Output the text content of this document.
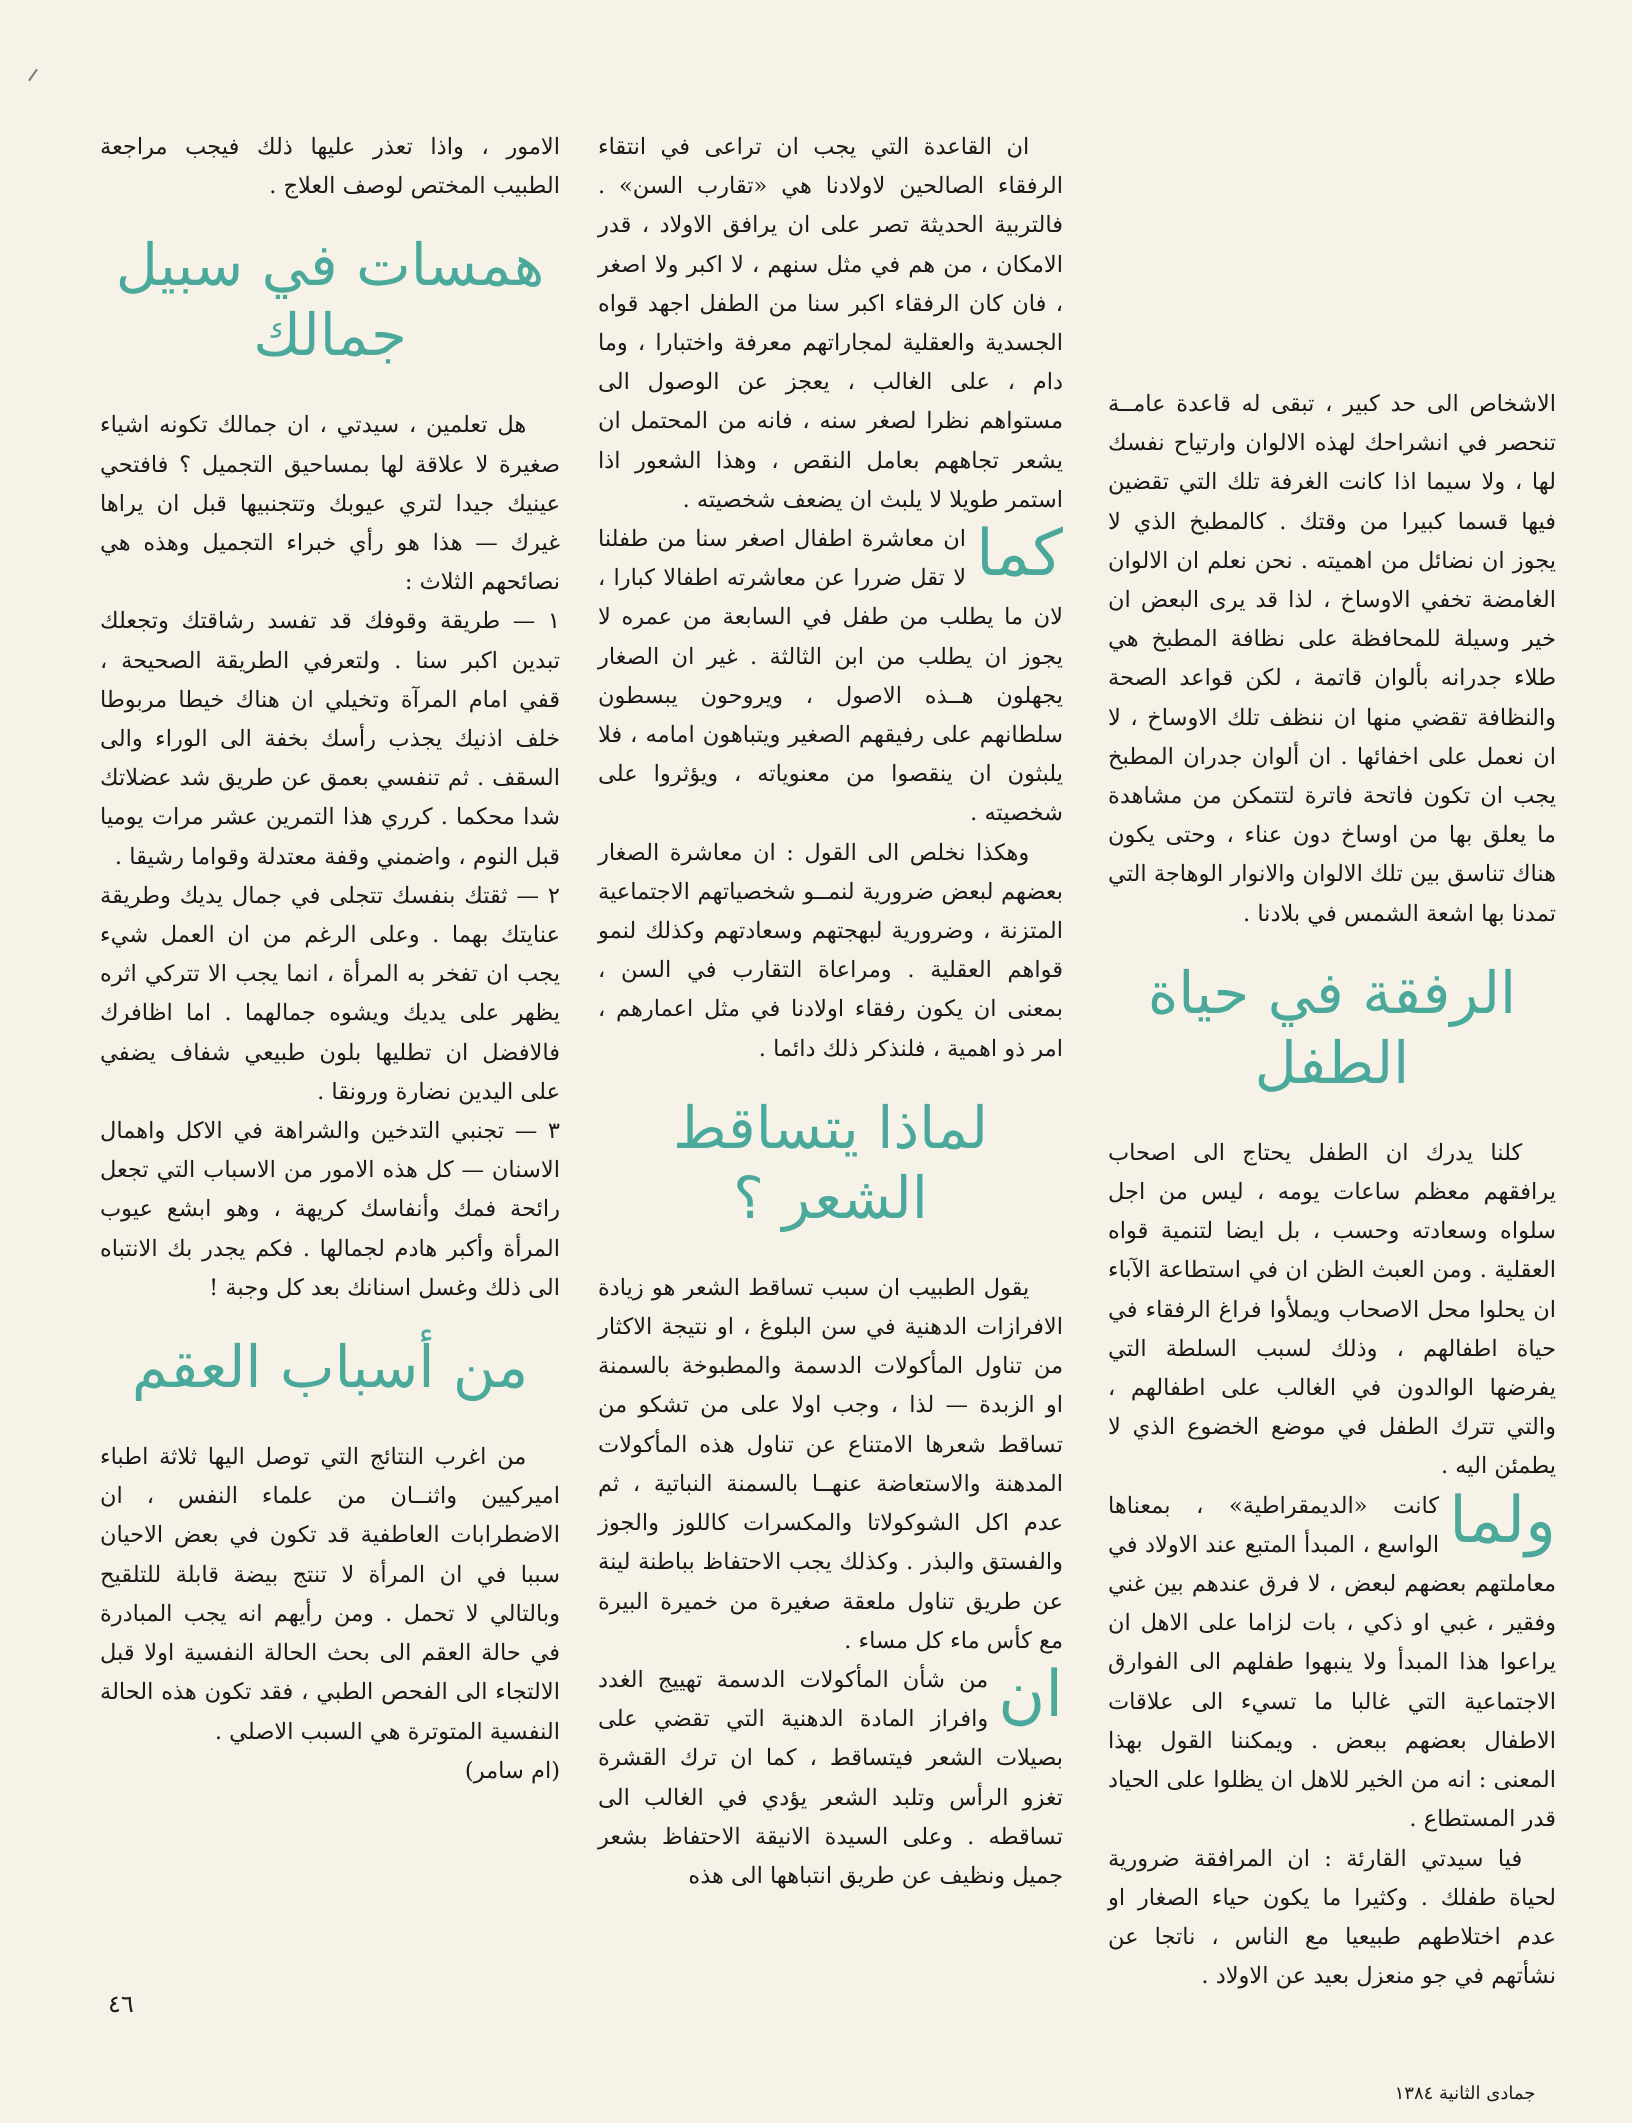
الاشخاص الى حد كبير ، تبقى له قاعدة عامــة تنحصر في انشراحك لهذه الالوان وارتياح نفسك لها ، ولا سيما اذا كانت الغرفة تلك التي تقضين فيها قسما كبيرا من وقتك . كالمطبخ الذي لا يجوز ان نضائل من اهميته . نحن نعلم ان الالوان الغامضة تخفي الاوساخ ، لذا قد يرى البعض ان خير وسيلة للمحافظة على نظافة المطبخ هي طلاء جدرانه بألوان قاتمة ، لكن قواعد الصحة والنظافة تقضي منها ان ننظف تلك الاوساخ ، لا ان نعمل على اخفائها . ان ألوان جدران المطبخ يجب ان تكون فاتحة فاترة لتتمكن من مشاهدة ما يعلق بها من اوساخ دون عناء ، وحتى يكون هناك تناسق بين تلك الالوان والانوار الوهاجة التي تمدنا بها اشعة الشمس في بلادنا .

الرفقة في حياة الطفل

كلنا يدرك ان الطفل يحتاج الى اصحاب يرافقهم معظم ساعات يومه ، ليس من اجل سلواه وسعادته وحسب ، بل ايضا لتنمية قواه العقلية . ومن العبث الظن ان في استطاعة الآباء ان يحلوا محل الاصحاب ويملأوا فراغ الرفقاء في حياة اطفالهم ، وذلك لسبب السلطة التي يفرضها الوالدون في الغالب على اطفالهم ، والتي تترك الطفل في موضع الخضوع الذي لا يطمئن اليه .

ولما
كانت «الديمقراطية» ، بمعناها الواسع ، المبدأ المتبع عند الاولاد في معاملتهم بعضهم لبعض ، لا فرق عندهم بين غني وفقير ، غبي او ذكي ، بات لزاما على الاهل ان يراعوا هذا المبدأ ولا ينبهوا طفلهم الى الفوارق الاجتماعية التي غالبا ما تسيء الى علاقات الاطفال بعضهم ببعض . ويمكننا القول بهذا المعنى : انه من الخير للاهل ان يظلوا على الحياد قدر المستطاع .

فيا سيدتي القارئة : ان المرافقة ضرورية لحياة طفلك . وكثيرا ما يكون حياء الصغار او عدم اختلاطهم طبيعيا مع الناس ، ناتجا عن نشأتهم في جو منعزل بعيد عن الاولاد .

ان القاعدة التي يجب ان تراعى في انتقاء الرفقاء الصالحين لاولادنا هي «تقارب السن» . فالتربية الحديثة تصر على ان يرافق الاولاد ، قدر الامكان ، من هم في مثل سنهم ، لا اكبر ولا اصغر ، فان كان الرفقاء اكبر سنا من الطفل اجهد قواه الجسدية والعقلية لمجاراتهم معرفة واختبارا ، وما دام ، على الغالب ، يعجز عن الوصول الى مستواهم نظرا لصغر سنه ، فانه من المحتمل ان يشعر تجاههم بعامل النقص ، وهذا الشعور اذا استمر طويلا لا يلبث ان يضعف شخصيته .

كما
ان معاشرة اطفال اصغر سنا من طفلنا لا تقل ضررا عن معاشرته اطفالا كبارا ، لان ما يطلب من طفل في السابعة من عمره لا يجوز ان يطلب من ابن الثالثة . غير ان الصغار يجهلون هــذه الاصول ، ويروحون يبسطون سلطانهم على رفيقهم الصغير ويتباهون امامه ، فلا يلبثون ان ينقصوا من معنوياته ، ويؤثروا على شخصيته .

وهكذا نخلص الى القول : ان معاشرة الصغار بعضهم لبعض ضرورية لنمــو شخصياتهم الاجتماعية المتزنة ، وضرورية لبهجتهم وسعادتهم وكذلك لنمو قواهم العقلية . ومراعاة التقارب في السن ، بمعنى ان يكون رفقاء اولادنا في مثل اعمارهم ، امر ذو اهمية ، فلنذكر ذلك دائما .

لماذا يتساقط الشعر ؟

يقول الطبيب ان سبب تساقط الشعر هو زيادة الافرازات الدهنية في سن البلوغ ، او نتيجة الاكثار من تناول المأكولات الدسمة والمطبوخة بالسمنة او الزبدة — لذا ، وجب اولا على من تشكو من تساقط شعرها الامتناع عن تناول هذه المأكولات المدهنة والاستعاضة عنهــا بالسمنة النباتية ، ثم عدم اكل الشوكولاتا والمكسرات كاللوز والجوز والفستق والبذر . وكذلك يجب الاحتفاظ بباطنة لينة عن طريق تناول ملعقة صغيرة من خميرة البيرة مع كأس ماء كل مساء .

ان
من شأن المأكولات الدسمة تهييج الغدد وافراز المادة الدهنية التي تقضي على بصيلات الشعر فيتساقط ، كما ان ترك القشرة تغزو الرأس وتلبد الشعر يؤدي في الغالب الى تساقطه . وعلى السيدة الانيقة الاحتفاظ بشعر جميل ونظيف عن طريق انتباهها الى هذه

الامور ، واذا تعذر عليها ذلك فيجب مراجعة الطبيب المختص لوصف العلاج .

همسات في سبيل جمالك

هل تعلمين ، سيدتي ، ان جمالك تكونه اشياء صغيرة لا علاقة لها بمساحيق التجميل ؟ فافتحي عينيك جيدا لتري عيوبك وتتجنبيها قبل ان يراها غيرك — هذا هو رأي خبراء التجميل وهذه هي نصائحهم الثلاث :

١ — طريقة وقوفك قد تفسد رشاقتك وتجعلك تبدين اكبر سنا . ولتعرفي الطريقة الصحيحة ، قفي امام المرآة وتخيلي ان هناك خيطا مربوطا خلف اذنيك يجذب رأسك بخفة الى الوراء والى السقف . ثم تنفسي بعمق عن طريق شد عضلاتك شدا محكما . كرري هذا التمرين عشر مرات يوميا قبل النوم ، واضمني وقفة معتدلة وقواما رشيقا .

٢ — ثقتك بنفسك تتجلى في جمال يديك وطريقة عنايتك بهما . وعلى الرغم من ان العمل شيء يجب ان تفخر به المرأة ، انما يجب الا تتركي اثره يظهر على يديك ويشوه جمالهما . اما اظافرك فالافضل ان تطليها بلون طبيعي شفاف يضفي على اليدين نضارة ورونقا .

٣ — تجنبي التدخين والشراهة في الاكل واهمال الاسنان — كل هذه الامور من الاسباب التي تجعل رائحة فمك وأنفاسك كريهة ، وهو ابشع عيوب المرأة وأكبر هادم لجمالها . فكم يجدر بك الانتباه الى ذلك وغسل اسنانك بعد كل وجبة !

من أسباب العقم

من اغرب النتائج التي توصل اليها ثلاثة اطباء اميركيين واثنــان من علماء النفس ، ان الاضطرابات العاطفية قد تكون في بعض الاحيان سببا في ان المرأة لا تنتج بيضة قابلة للتلقيح وبالتالي لا تحمل . ومن رأيهم انه يجب المبادرة في حالة العقم الى بحث الحالة النفسية اولا قبل الالتجاء الى الفحص الطبي ، فقد تكون هذه الحالة النفسية المتوترة هي السبب الاصلي .

(ام سامر)

٤٦
جمادى الثانية ١٣٨٤
